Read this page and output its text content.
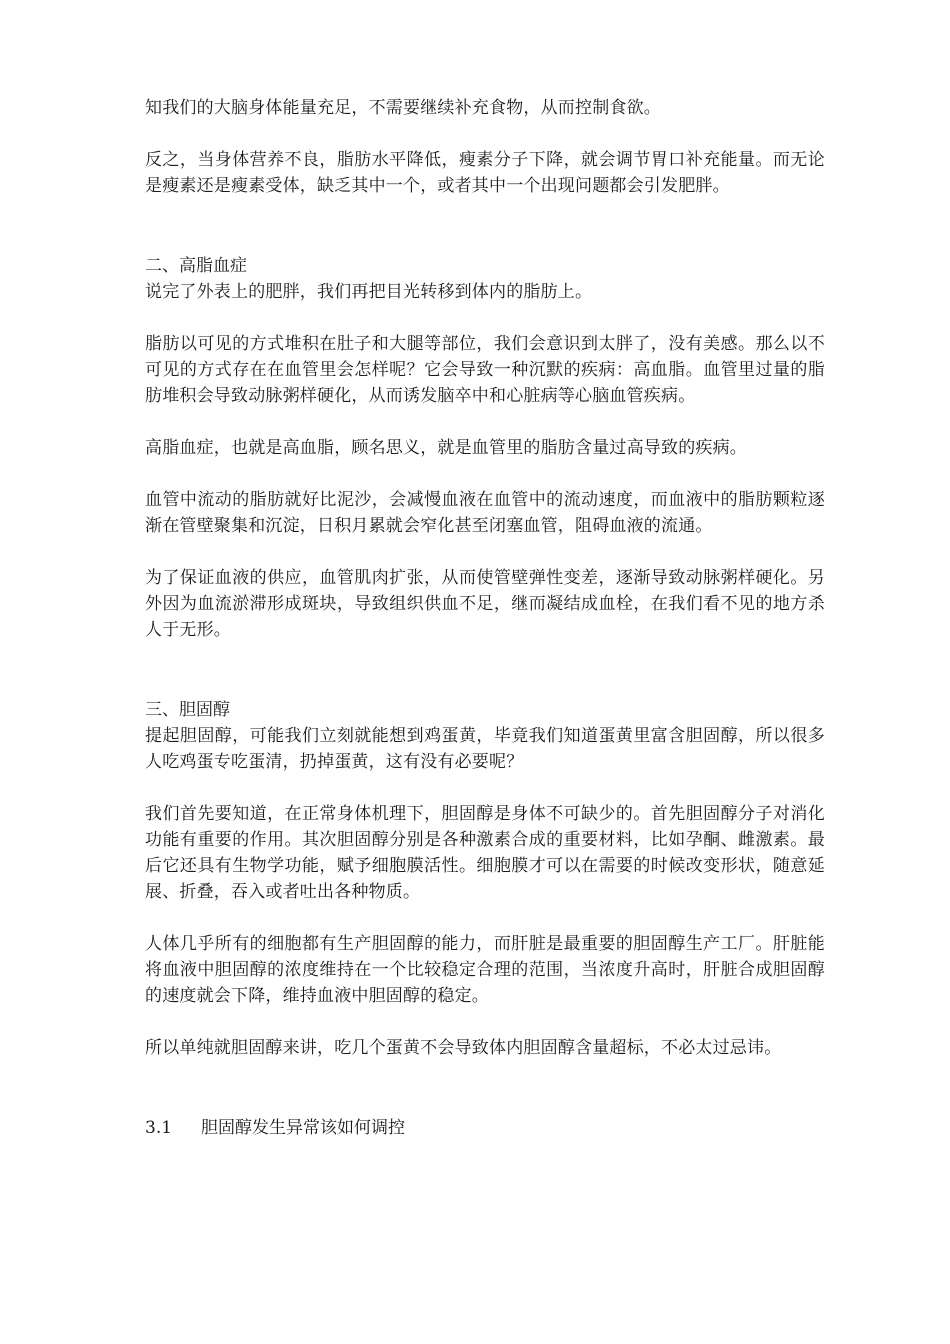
知我们的大脑身体能量充足，不需要继续补充食物，从而控制食欲。

反之，当身体营养不良，脂肪水平降低，瘦素分子下降，就会调节胃口补充能量。而无论是瘦素还是瘦素受体，缺乏其中一个，或者其中一个出现问题都会引发肥胖。

二、高脂血症

说完了外表上的肥胖，我们再把目光转移到体内的脂肪上。

脂肪以可见的方式堆积在肚子和大腿等部位，我们会意识到太胖了，没有美感。那么以不可见的方式存在在血管里会怎样呢？它会导致一种沉默的疾病：高血脂。血管里过量的脂肪堆积会导致动脉粥样硬化，从而诱发脑卒中和心脏病等心脑血管疾病。

高脂血症，也就是高血脂，顾名思义，就是血管里的脂肪含量过高导致的疾病。

血管中流动的脂肪就好比泥沙，会减慢血液在血管中的流动速度，而血液中的脂肪颗粒逐渐在管壁聚集和沉淀，日积月累就会窄化甚至闭塞血管，阻碍血液的流通。

为了保证血液的供应，血管肌肉扩张，从而使管壁弹性变差，逐渐导致动脉粥样硬化。另外因为血流淤滞形成斑块，导致组织供血不足，继而凝结成血栓，在我们看不见的地方杀人于无形。

三、胆固醇

提起胆固醇，可能我们立刻就能想到鸡蛋黄，毕竟我们知道蛋黄里富含胆固醇，所以很多人吃鸡蛋专吃蛋清，扔掉蛋黄，这有没有必要呢？

我们首先要知道，在正常身体机理下，胆固醇是身体不可缺少的。首先胆固醇分子对消化功能有重要的作用。其次胆固醇分别是各种激素合成的重要材料，比如孕酮、雌激素。最后它还具有生物学功能，赋予细胞膜活性。细胞膜才可以在需要的时候改变形状，随意延展、折叠，吞入或者吐出各种物质。

人体几乎所有的细胞都有生产胆固醇的能力，而肝脏是最重要的胆固醇生产工厂。肝脏能将血液中胆固醇的浓度维持在一个比较稳定合理的范围，当浓度升高时，肝脏合成胆固醇的速度就会下降，维持血液中胆固醇的稳定。

所以单纯就胆固醇来讲，吃几个蛋黄不会导致体内胆固醇含量超标，不必太过忌讳。

3.1 胆固醇发生异常该如何调控
